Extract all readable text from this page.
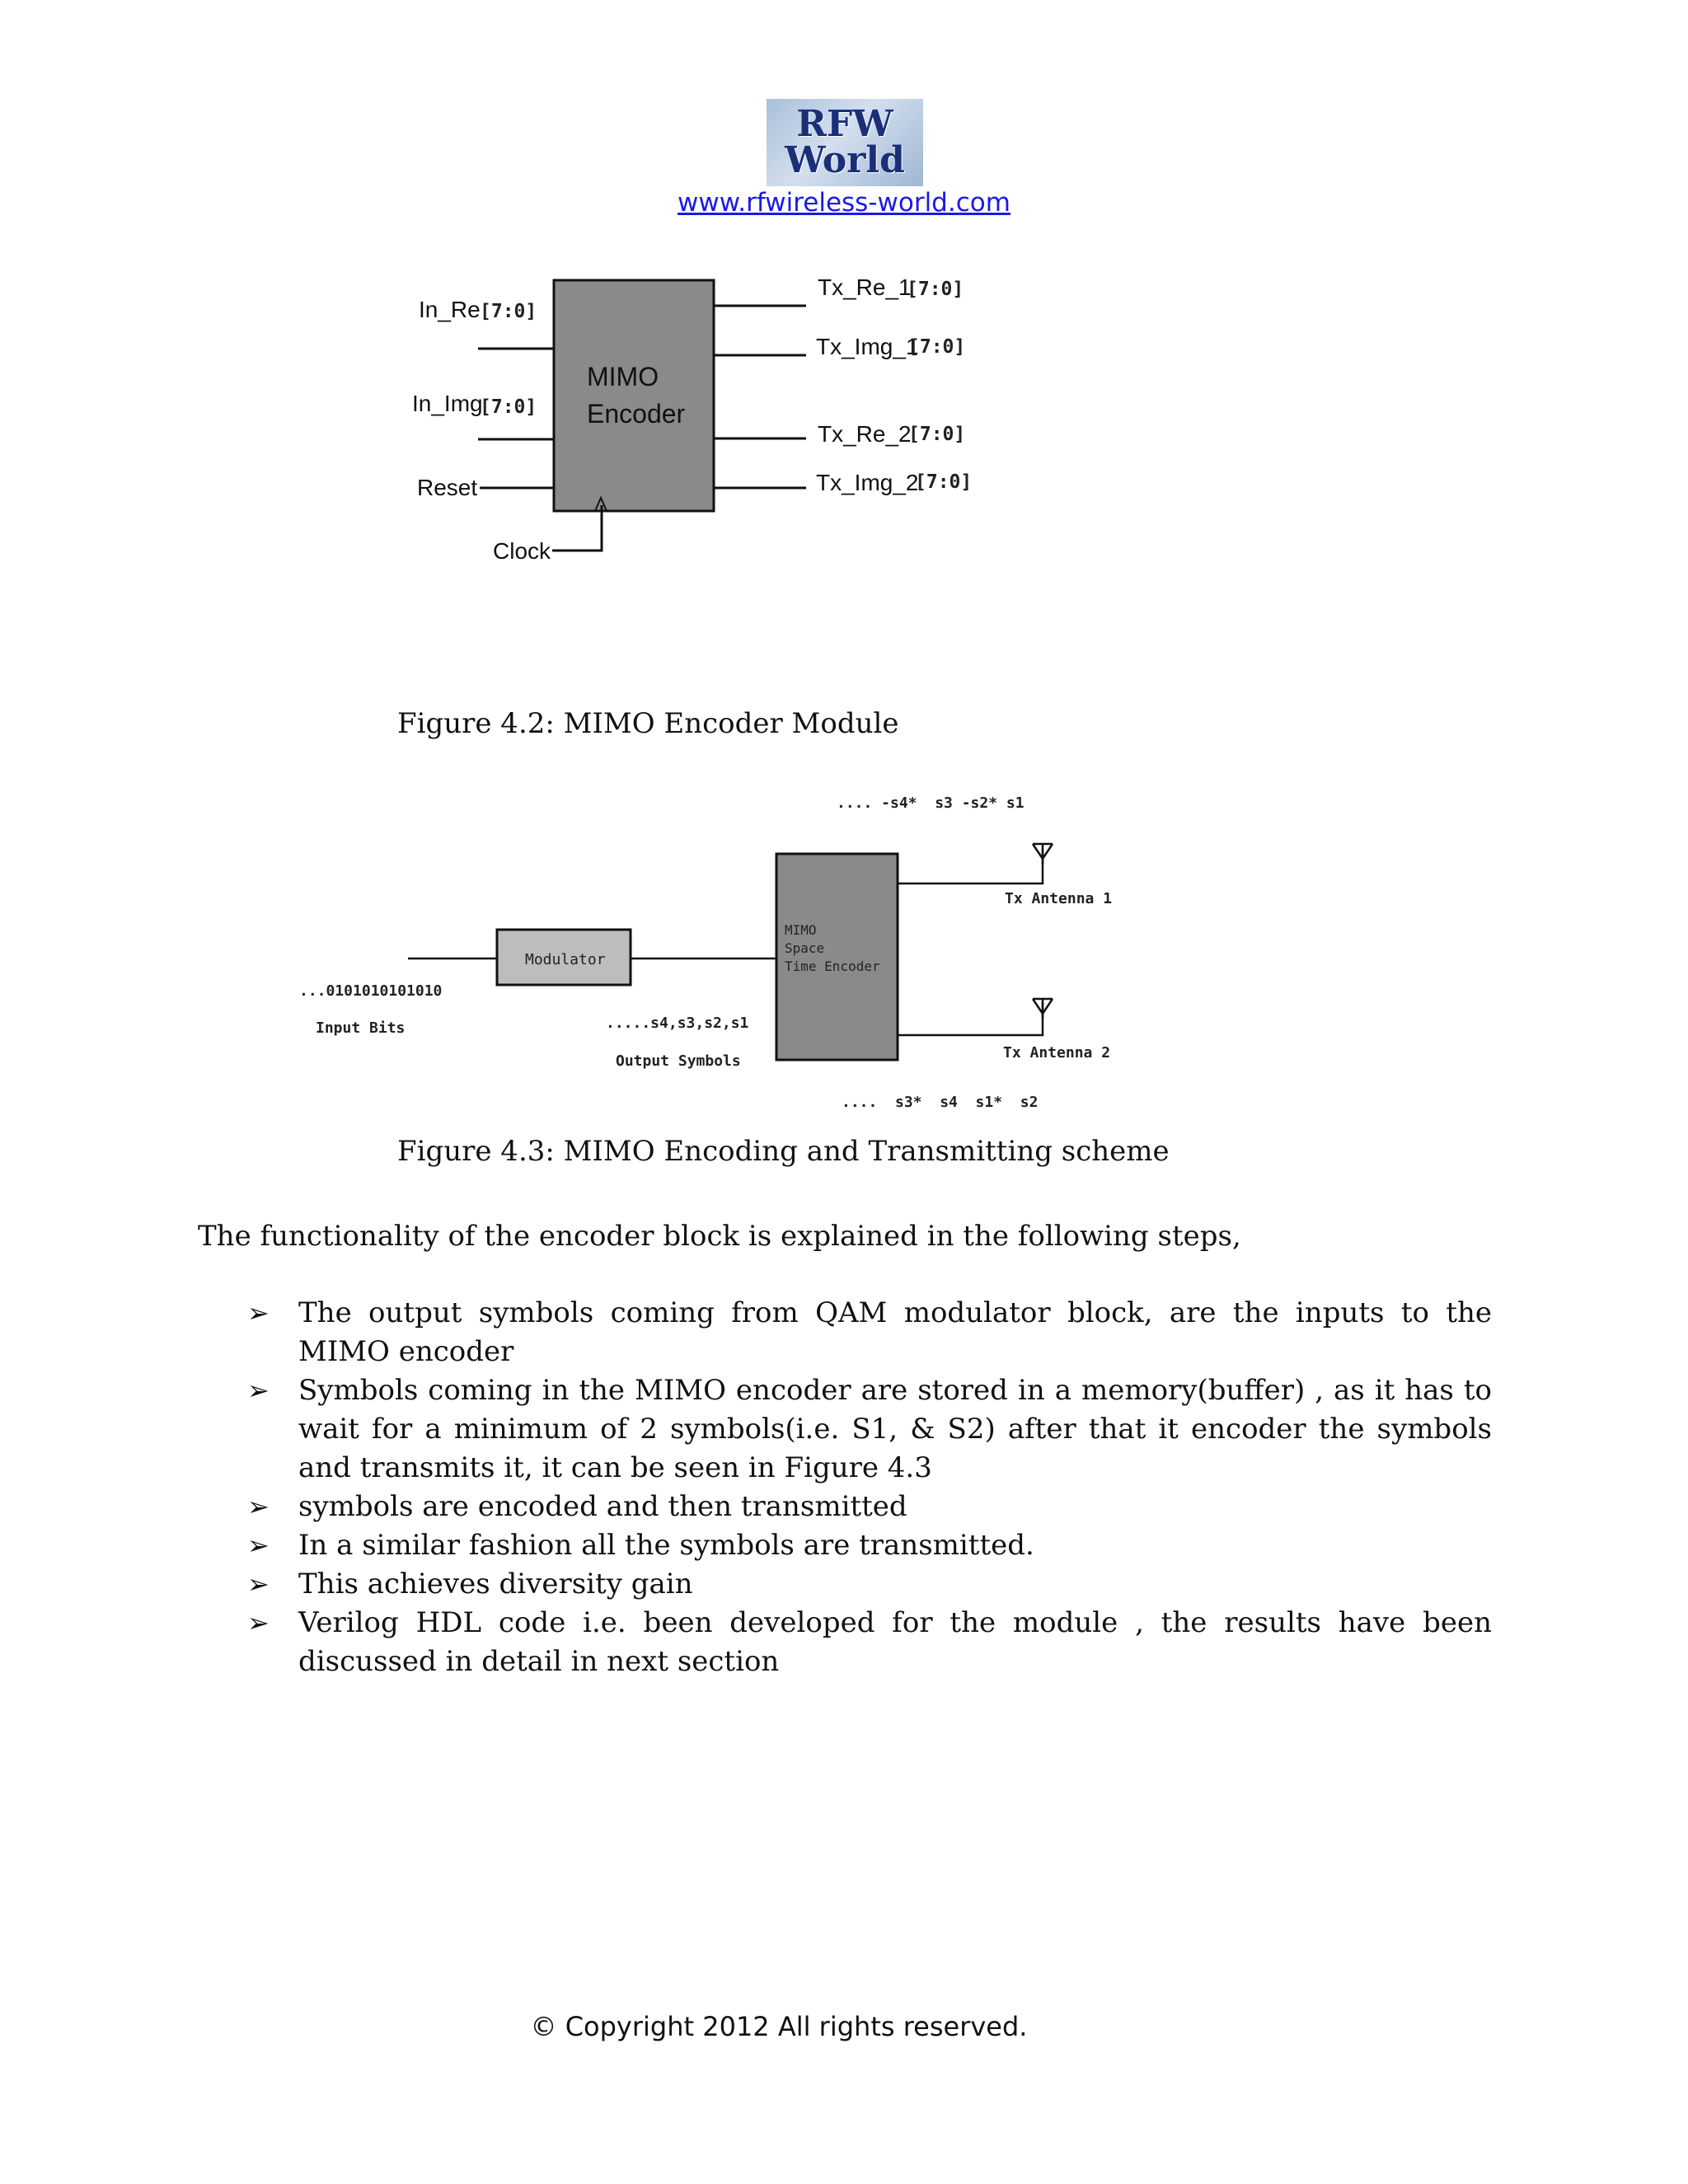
RFW
World
www.rfwireless-world.com
MIMO
Encoder
In_Re [7:0]
In_Img
[7:0]
Reset
Clock
Tx_Re_1
[7:0]
Tx_Img_1
[7:0]
Tx_Re_2
[7:0]
Tx_Img_2
[7:0]
Figure 4.2: MIMO Encoder Module
.... -s4*  s3 -s2* s1
Modulator
...0101010101010
Input Bits	.....s4,s3,s2,s1
Output Symbols
MIMO
Space
Time Encoder
Tx Antenna 1
Tx Antenna 2
....  s3*  s4  s1*  s2
Figure 4.3: MIMO Encoding and Transmitting scheme
The functionality of the encoder block is explained in the following steps,
➢ The output symbols coming from QAM modulator block, are the inputs to the MIMO encoder
➢ Symbols coming in the MIMO encoder are stored in a memory(buffer) , as it has to wait for a minimum of 2 symbols(i.e. S1, & S2) after that it encoder the symbols and transmits it, it can be seen in Figure 4.3
➢ symbols are encoded and then transmitted
➢ In a similar fashion all the symbols are transmitted.
➢ This achieves diversity gain
➢ Verilog HDL code i.e. been developed for the module , the results have been discussed in detail in next section
© Copyright 2012 All rights reserved.
